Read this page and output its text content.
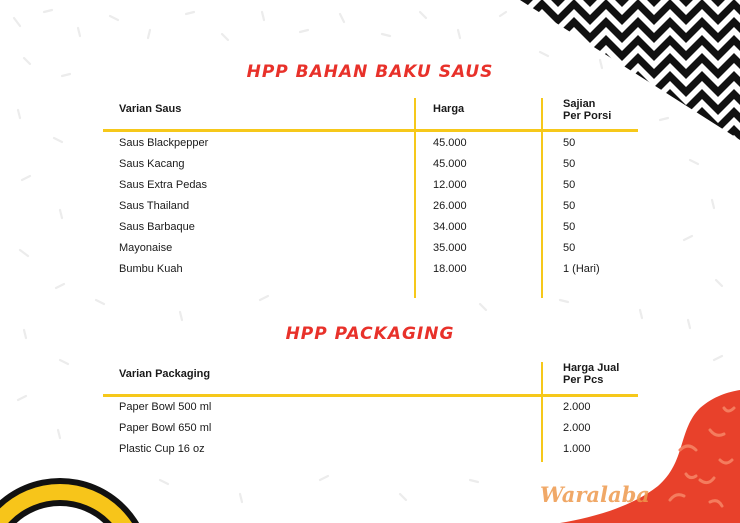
HPP BAHAN BAKU SAUS
Varian Saus	Harga	Sajian
Per Porsi
Saus Blackpepper	45.000	50
Saus Kacang	45.000	50
Saus Extra Pedas	12.000	50
Saus Thailand	26.000	50
Saus Barbaque	34.000	50
Mayonaise	35.000	50
Bumbu Kuah	18.000	1 (Hari)
HPP PACKAGING
Varian Packaging	Harga Jual
Per Pcs
Paper Bowl 500 ml	2.000
Paper Bowl 650 ml	2.000
Plastic Cup 16 oz	1.000
Waralaba
